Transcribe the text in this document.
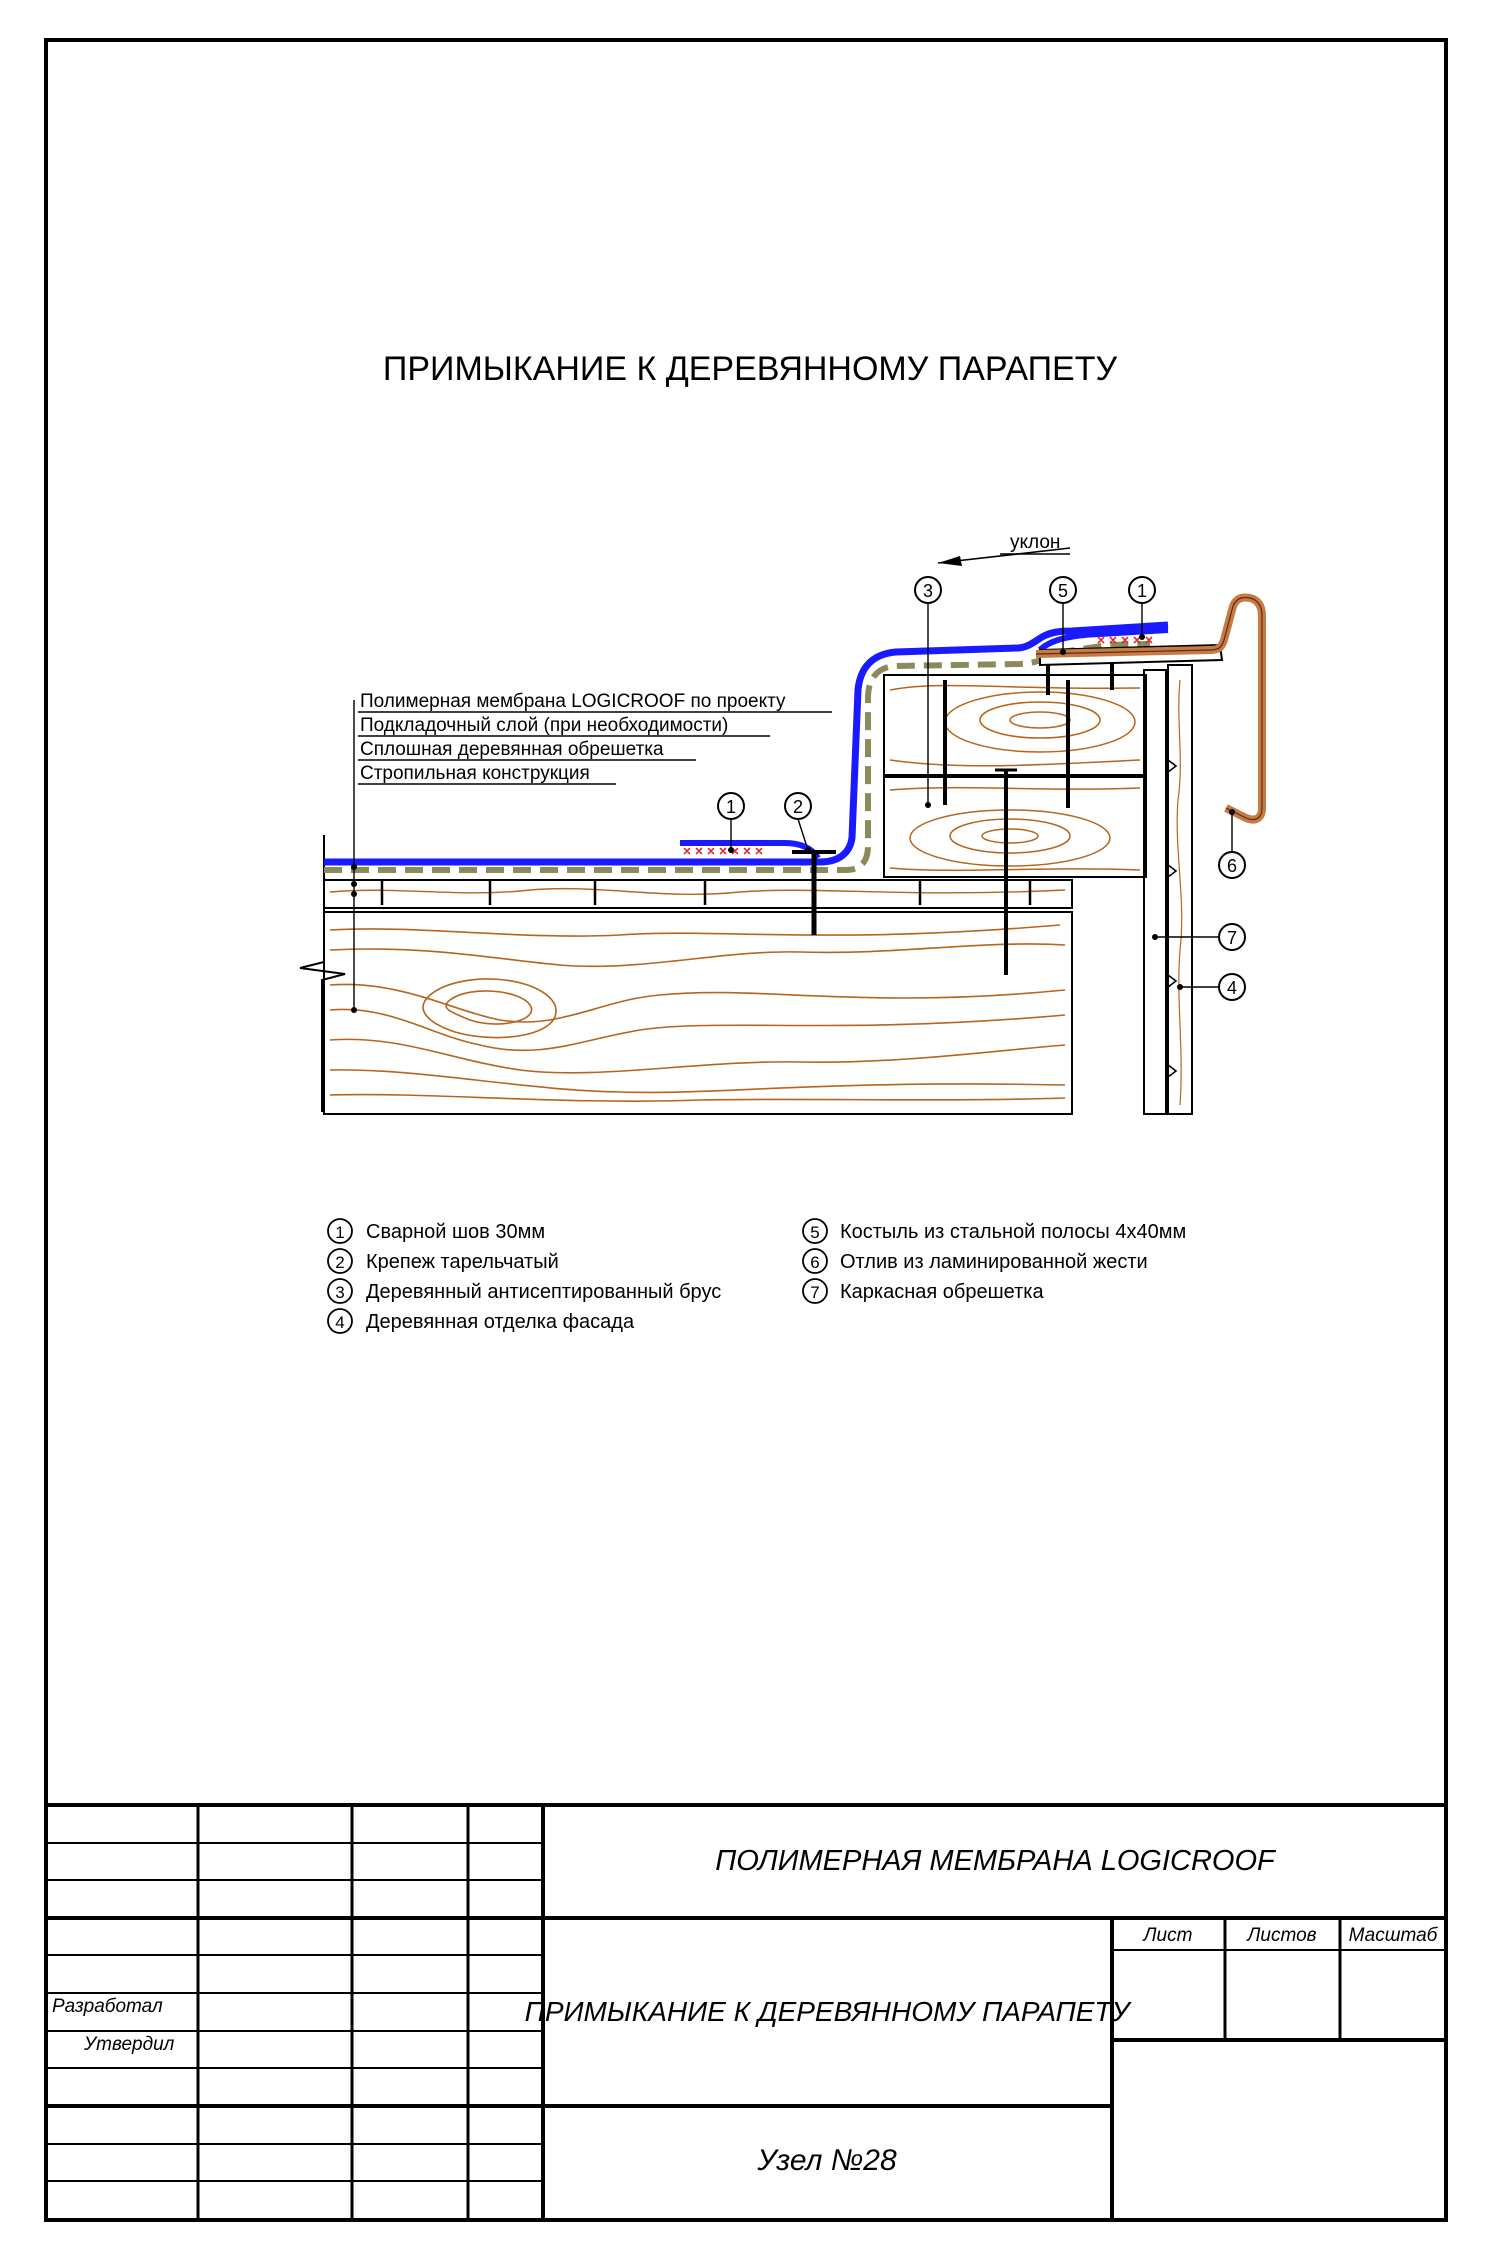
ПРИМЫКАНИЕ К ДЕРЕВЯННОМУ ПАРАПЕТУ
Полимерная мембрана LOGICROOF по проекту
Подкладочный слой (при необходимости)
Сплошная деревянная обрешетка
Стропильная конструкция
уклон
3	5	1
1	2
6
7
4
1 Сварной шов 30мм
2 Крепеж тарельчатый
3 Деревянный антисептированный брус
4 Деревянная отделка фасада
5 Костыль из стальной полосы 4х40мм
6 Отлив из ламинированной жести
7 Каркасная обрешетка
ПОЛИМЕРНАЯ МЕМБРАНА LOGICROOF
ПРИМЫКАНИЕ К ДЕРЕВЯННОМУ ПАРАПЕТУ
Узел №28
Разработал
Утвердил
Лист	Листов Масштаб
